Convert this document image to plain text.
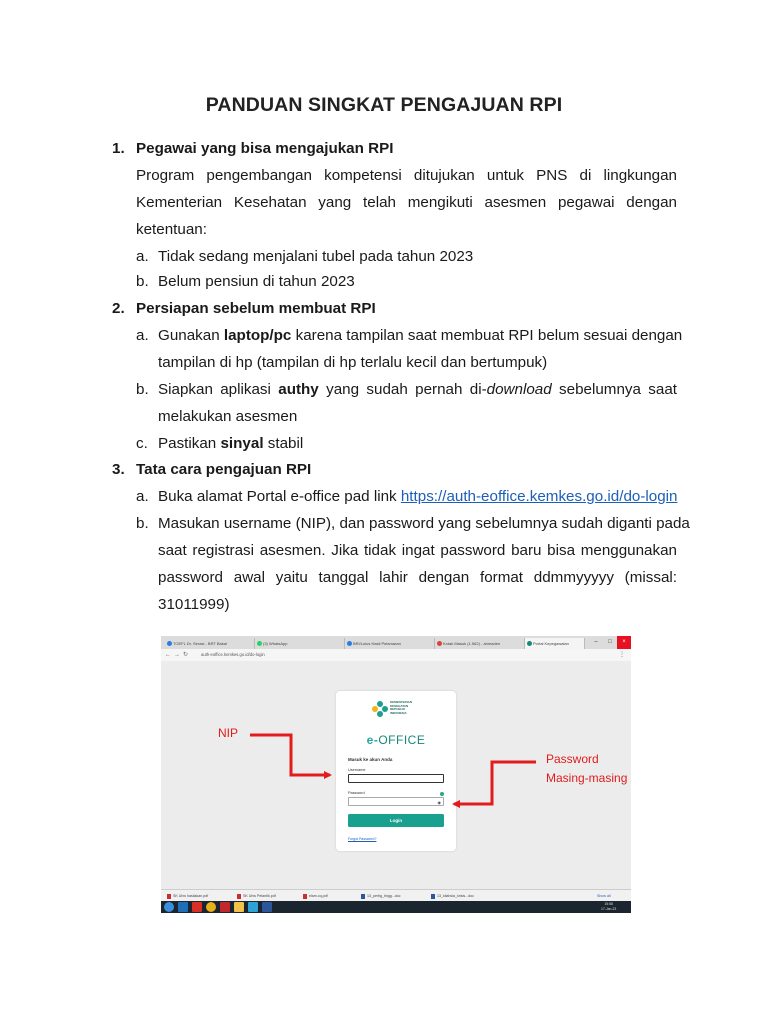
PANDUAN SINGKAT PENGAJUAN RPI
1. Pegawai yang bisa mengajukan RPI
Program pengembangan kompetensi ditujukan untuk PNS di lingkungan
Kementerian Kesehatan yang telah mengikuti asesmen pegawai dengan
ketentuan:
a. Tidak sedang menjalani tubel pada tahun 2023
b. Belum pensiun di tahun 2023
2. Persiapan sebelum membuat RPI
a. Gunakan laptop/pc karena tampilan saat membuat RPI belum sesuai dengan
tampilan di hp (tampilan di hp terlalu kecil dan bertumpuk)
b. Siapkan aplikasi authy yang sudah pernah di-download sebelumnya saat
melakukan asesmen
c. Pastikan sinyal stabil
3. Tata cara pengajuan RPI
a. Buka alamat Portal e-office pad link https://auth-eoffice.kemkes.go.id/do-login
b. Masukan username (NIP), dan password yang sebelumnya sudah diganti pada
saat registrasi asesmen. Jika tidak ingat password baru bisa menggunakan
password awal yaitu tanggal lahir dengan format ddmmyyyyy (missal:
31011999)
TOEFL Dr. Serasi - BRT Bakal	(3) WhatsApp	BRI/Lulus Hasil Pelamaran	Kotak Masuk (1.562) - ahmaden	Portal Kepegawaian	–	□	×
← → ↻	auth-eoffice.kemkes.go.id/do-login	⋮
KEMENTERIAN
KESEHATAN
REPUBLIK
INDONESIA
e-OFFICE
Masuk ke akun Anda
Username
Password
◉
Login
Forgot Password?
SK Uhw hasilakan.pdf	SK Uhw Pelantik.pdf	elam.cq.pdf	13_pertig_tingg...doc	13_kilahsla_krisis...doc	Show all
15:58
17-Jan-23
NIP
Password
Masing-masing
